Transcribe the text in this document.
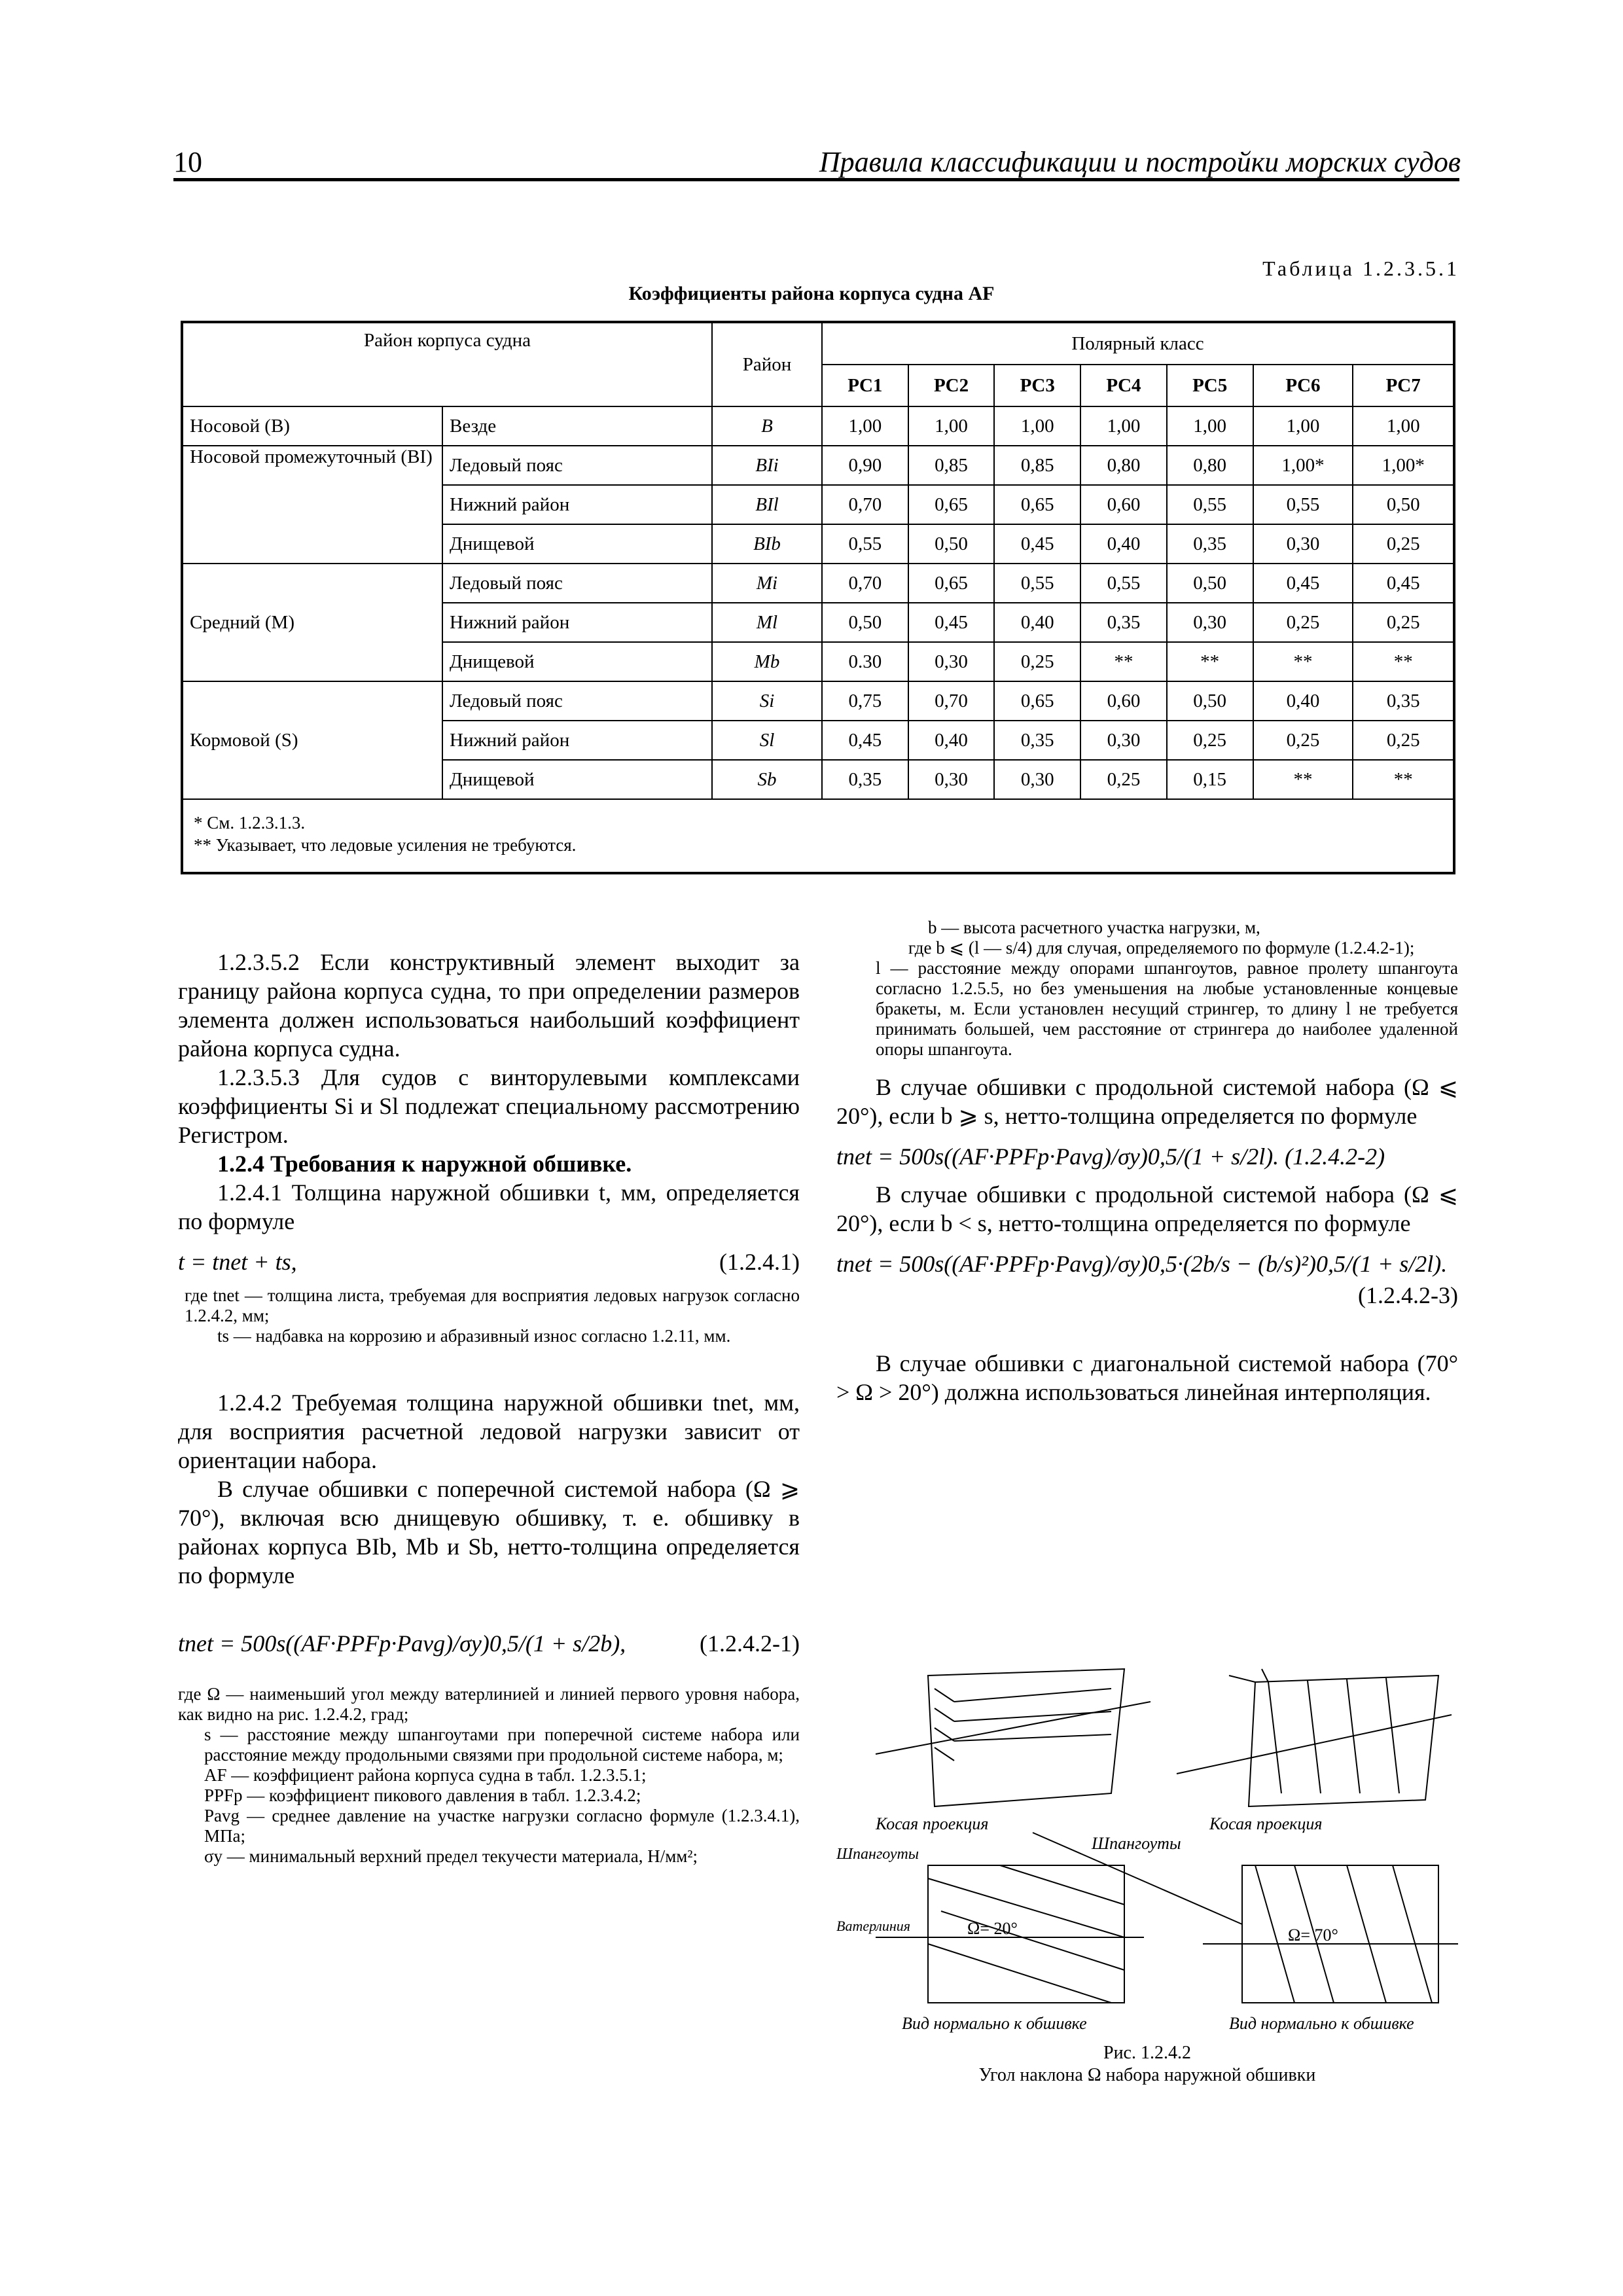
10	Правила классификации и постройки морских судов
Таблица 1.2.3.5.1
Коэффициенты района корпуса судна AF
Район корпуса судна		Район	Полярный класс						
			PC1	PC2	PC3	PC4	PC5	PC6	PC7
Носовой (B)	Везде	B	1,00	1,00	1,00	1,00	1,00	1,00	1,00
Носовой промежуточный (BI)	Ледовый пояс	BIi	0,90	0,85	0,85	0,80	0,80	1,00*	1,00*
	Нижний район	BIl	0,70	0,65	0,65	0,60	0,55	0,55	0,50
	Днищевой	BIb	0,55	0,50	0,45	0,40	0,35	0,30	0,25
Средний (M)	Ледовый пояс	Mi	0,70	0,65	0,55	0,55	0,50	0,45	0,45
	Нижний район	Ml	0,50	0,45	0,40	0,35	0,30	0,25	0,25
	Днищевой	Mb	0.30	0,30	0,25	**	**	**	**
Кормовой (S)	Ледовый пояс	Si	0,75	0,70	0,65	0,60	0,50	0,40	0,35
	Нижний район	Sl	0,45	0,40	0,35	0,30	0,25	0,25	0,25
	Днищевой	Sb	0,35	0,30	0,30	0,25	0,15	**	**

* См. 1.2.3.1.3.
** Указывает, что ледовые усиления не требуются.									
1.2.3.5.2 Если конструктивный элемент выходит за границу района корпуса судна, то при определении размеров элемента должен использоваться наибольший коэффициент района корпуса судна.
1.2.3.5.3 Для судов с винторулевыми комплексами коэффициенты Si и Sl подлежат специальному рассмотрению Регистром.
1.2.4 Требования к наружной обшивке.
1.2.4.1 Толщина наружной обшивки t, мм, определяется по формуле
t = tnet + ts,	(1.2.4.1)
где tnet — толщина листа, требуемая для восприятия ледовых нагрузок согласно 1.2.4.2, мм;
ts — надбавка на коррозию и абразивный износ согласно 1.2.11, мм.
1.2.4.2 Требуемая толщина наружной обшивки tnet, мм, для восприятия расчетной ледовой нагрузки зависит от ориентации набора.
В случае обшивки с поперечной системой набора (Ω ⩾ 70°), включая всю днищевую обшивку, т. е. обшивку в районах корпуса BIb, Mb и Sb, нетто-толщина определяется по формуле
tnet = 500s((AF·PPFp·Pavg)/σy)0,5/(1 + s/2b),	(1.2.4.2-1)
где Ω — наименьший угол между ватерлинией и линией первого уровня набора, как видно на рис. 1.2.4.2, град;
s — расстояние между шпангоутами при поперечной системе набора или расстояние между продольными связями при продольной системе набора, м;
AF — коэффициент района корпуса судна в табл. 1.2.3.5.1;
PPFp — коэффициент пикового давления в табл. 1.2.3.4.2;
Pavg — среднее давление на участке нагрузки согласно формуле (1.2.3.4.1), МПа;
σy — минимальный верхний предел текучести материала, Н/мм²;
b — высота расчетного участка нагрузки, м,
где b ⩽ (l — s/4) для случая, определяемого по формуле (1.2.4.2-1);
l — расстояние между опорами шпангоутов, равное пролету шпангоута согласно 1.2.5.5, но без уменьшения на любые установленные концевые бракеты, м. Если установлен несущий стрингер, то длину l не требуется принимать большей, чем расстояние от стрингера до наиболее удаленной опоры шпангоута.
В случае обшивки с продольной системой набора (Ω ⩽ 20°), если b ⩾ s, нетто-толщина определяется по формуле
tnet = 500s((AF·PPFp·Pavg)/σy)0,5/(1 + s/2l). (1.2.4.2-2)
В случае обшивки с продольной системой набора (Ω ⩽ 20°), если b < s, нетто-толщина определяется по формуле
tnet = 500s((AF·PPFp·Pavg)/σy)0,5·(2b/s − (b/s)²)0,5/(1 + s/2l).
(1.2.4.2-3)
В случае обшивки с диагональной системой набора (70° > Ω > 20°) должна использоваться линейная интерполяция.
Косая проекция	Косая проекция
Шпангоуты
Шпангоуты
Ватерлиния	Ω= 20°	Ω= 70°
Вид нормально к обшивке	Вид нормально к обшивке
Рис. 1.2.4.2
Угол наклона Ω набора наружной обшивки
